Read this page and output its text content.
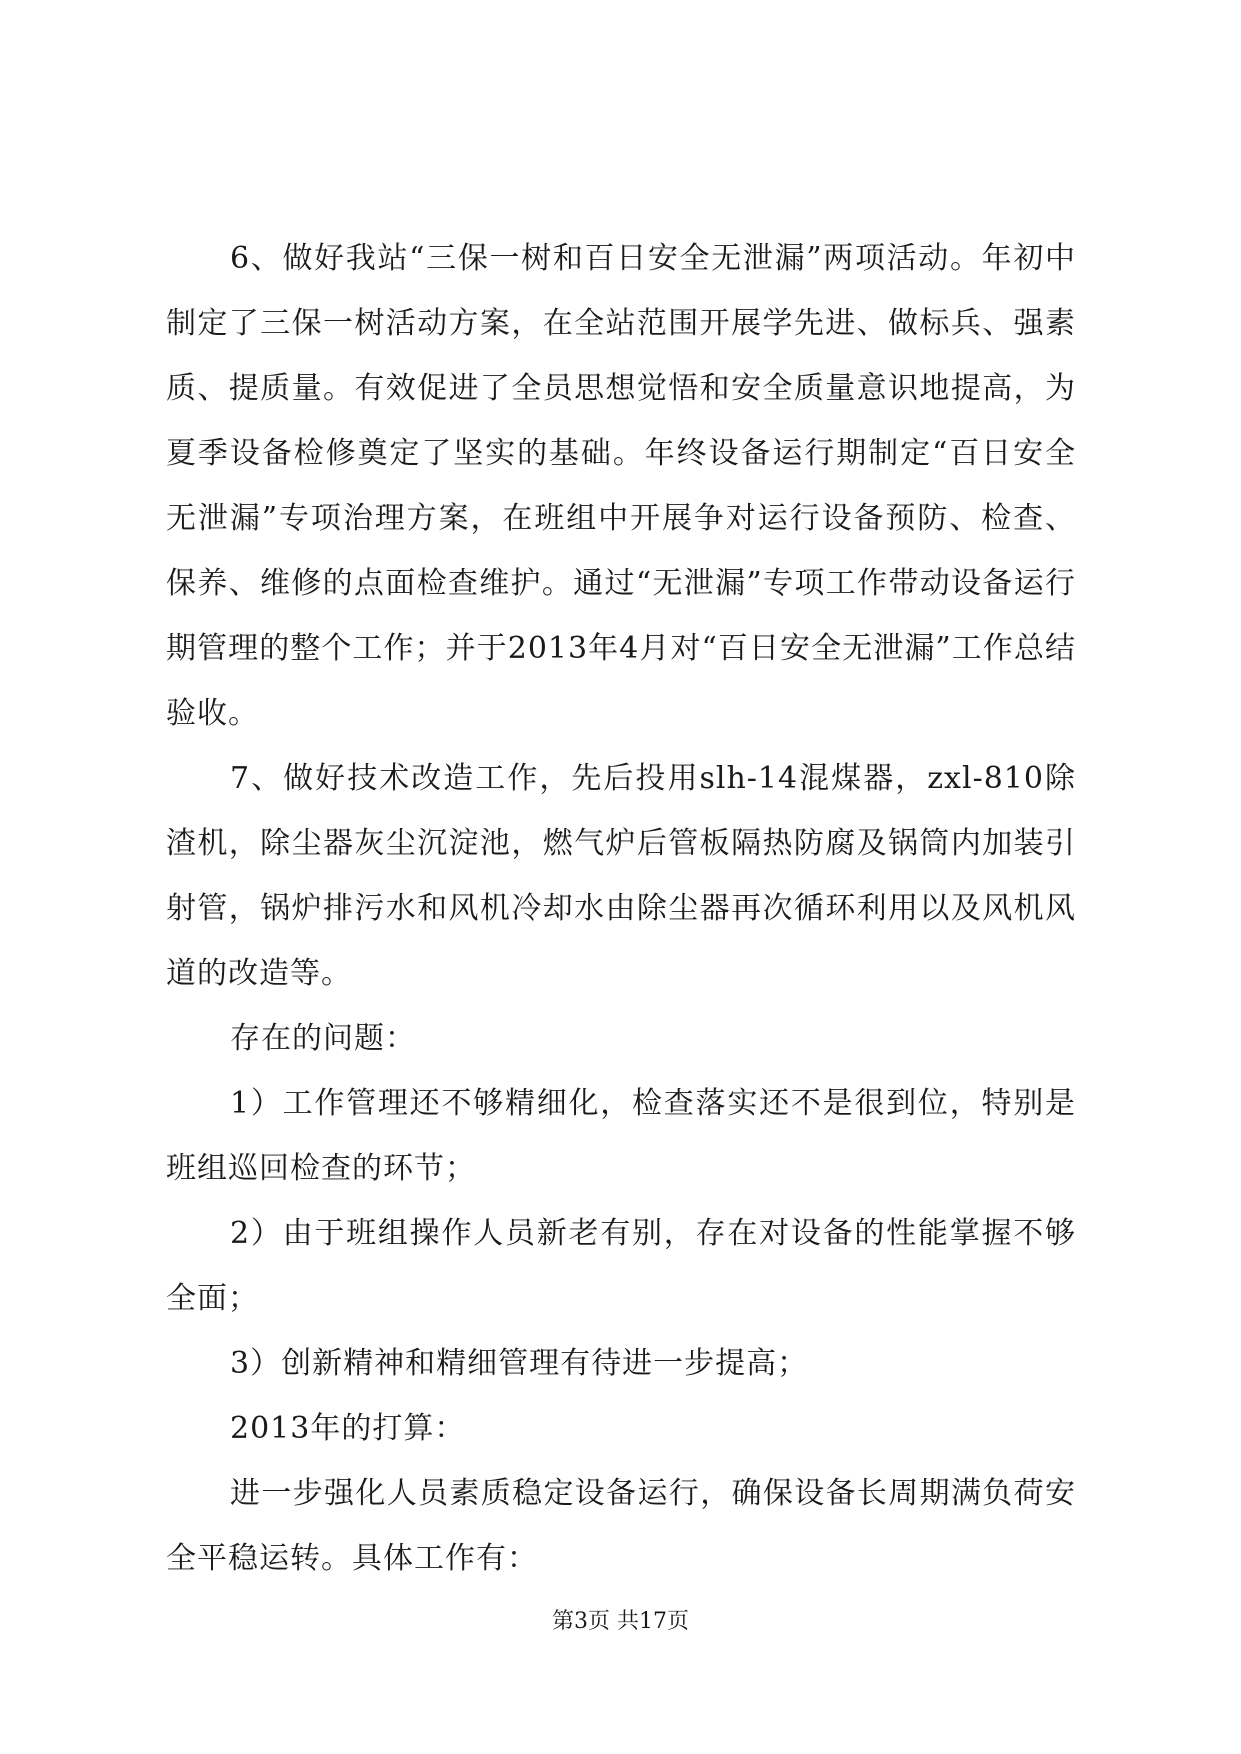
6、做好我站“三保一树和百日安全无泄漏”两项活动。年初中制定了三保一树活动方案，在全站范围开展学先进、做标兵、强素质、提质量。有效促进了全员思想觉悟和安全质量意识地提高，为夏季设备检修奠定了坚实的基础。年终设备运行期制定“百日安全无泄漏”专项治理方案，在班组中开展争对运行设备预防、检查、保养、维修的点面检查维护。通过“无泄漏”专项工作带动设备运行期管理的整个工作；并于2013年4月对“百日安全无泄漏”工作总结验收。

7、做好技术改造工作，先后投用slh-14混煤器，zxl-810除渣机，除尘器灰尘沉淀池，燃气炉后管板隔热防腐及锅筒内加装引射管，锅炉排污水和风机冷却水由除尘器再次循环利用以及风机风道的改造等。

存在的问题：

1）工作管理还不够精细化，检查落实还不是很到位，特别是班组巡回检查的环节；

2）由于班组操作人员新老有别，存在对设备的性能掌握不够全面；

3）创新精神和精细管理有待进一步提高；

2013年的打算：

进一步强化人员素质稳定设备运行，确保设备长周期满负荷安全平稳运转。具体工作有：

第3页 共17页
